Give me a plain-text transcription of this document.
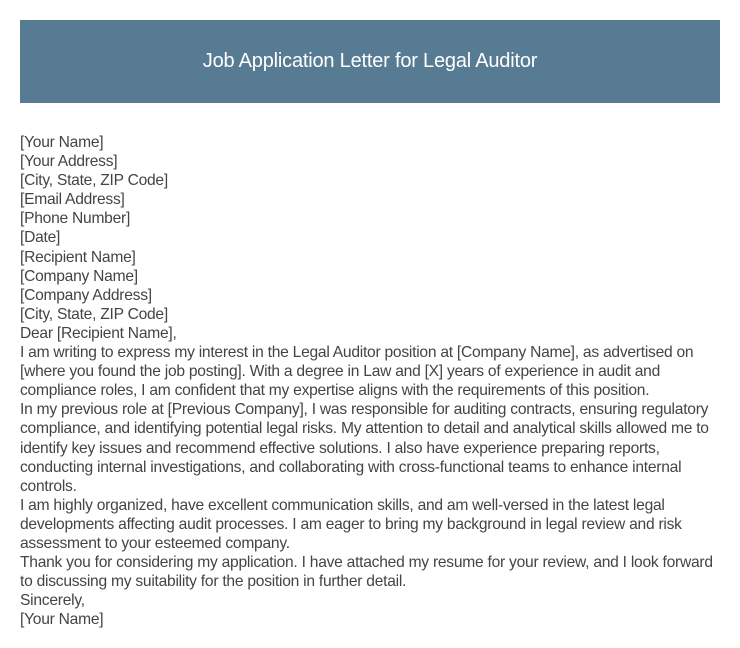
Job Application Letter for Legal Auditor
[Your Name]
[Your Address]
[City, State, ZIP Code]
[Email Address]
[Phone Number]
[Date]
[Recipient Name]
[Company Name]
[Company Address]
[City, State, ZIP Code]
Dear [Recipient Name],
I am writing to express my interest in the Legal Auditor position at [Company Name], as advertised on [where you found the job posting]. With a degree in Law and [X] years of experience in audit and compliance roles, I am confident that my expertise aligns with the requirements of this position.
In my previous role at [Previous Company], I was responsible for auditing contracts, ensuring regulatory compliance, and identifying potential legal risks. My attention to detail and analytical skills allowed me to identify key issues and recommend effective solutions. I also have experience preparing reports, conducting internal investigations, and collaborating with cross-functional teams to enhance internal controls.
I am highly organized, have excellent communication skills, and am well-versed in the latest legal developments affecting audit processes. I am eager to bring my background in legal review and risk assessment to your esteemed company.
Thank you for considering my application. I have attached my resume for your review, and I look forward to discussing my suitability for the position in further detail.
Sincerely,
[Your Name]
